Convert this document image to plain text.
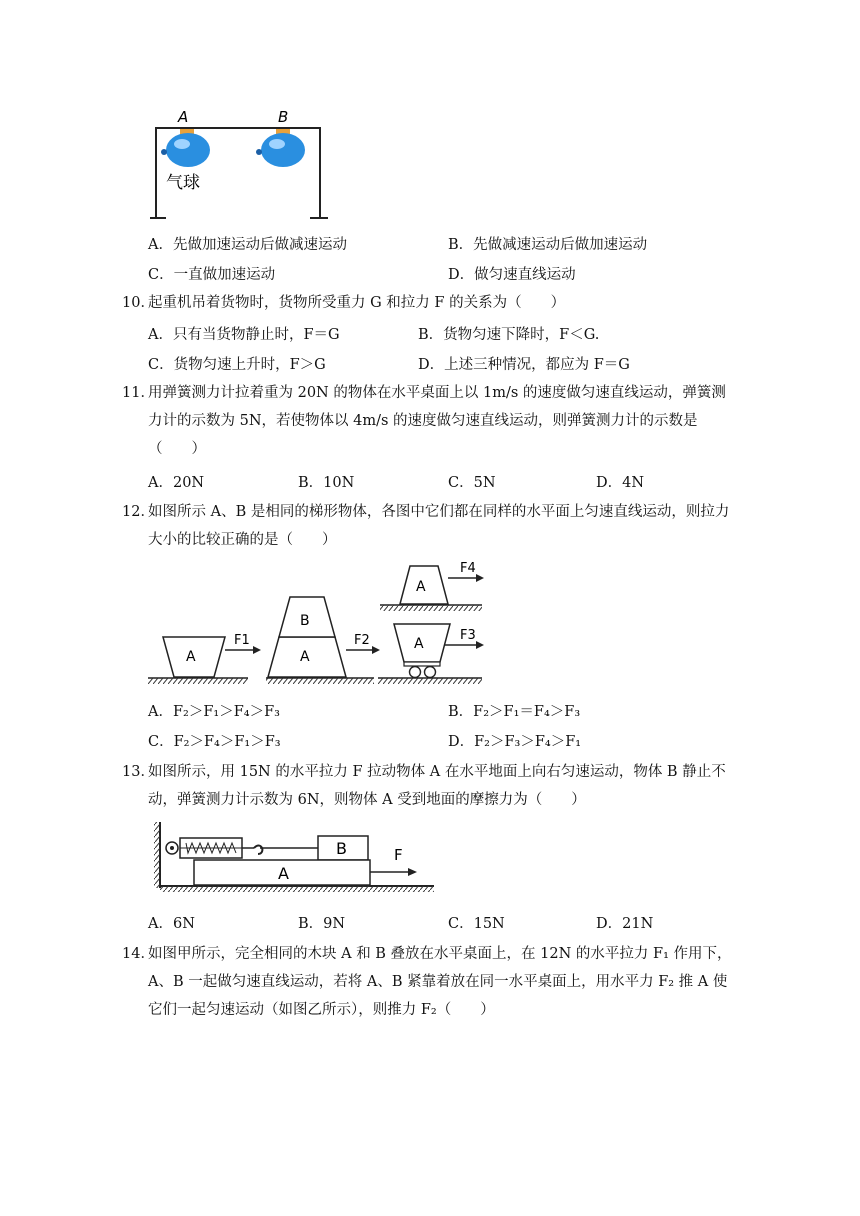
A	B
气球
A．先做加速运动后做减速运动	B．先做减速运动后做加速运动
C．一直做加速运动	D．做匀速直线运动
10．
起重机吊着货物时，货物所受重力 G 和拉力 F 的关系为（　　）
A．只有当货物静止时，F＝G	B．货物匀速下降时，F＜G.
C．货物匀速上升时，F＞G	D．上述三种情况，都应为 F＝G
11．
用弹簧测力计拉着重为 20N 的物体在水平桌面上以 1m/s 的速度做匀速直线运动，弹簧测力计的示数为 5N，若使物体以 4m/s 的速度做匀速直线运动，则弹簧测力计的示数是（　　）
A．20N	B．10N	C．5N	D．4N
12．
如图所示 A、B 是相同的梯形物体，各图中它们都在同样的水平面上匀速直线运动，则拉力大小的比较正确的是（　　）
A
F1
B
A
F2
A
F4
A
F3
A．F₂＞F₁＞F₄＞F₃	B．F₂＞F₁＝F₄＞F₃
C．F₂＞F₄＞F₁＞F₃	D．F₂＞F₃＞F₄＞F₁
13．
如图所示，用 15N 的水平拉力 F 拉动物体 A 在水平地面上向右匀速运动，物体 B 静止不动，弹簧测力计示数为 6N，则物体 A 受到地面的摩擦力为（　　）
B
A
F
A．6N	B．9N	C．15N	D．21N
14．
如图甲所示，完全相同的木块 A 和 B 叠放在水平桌面上，在 12N 的水平拉力 F₁ 作用下，A、B 一起做匀速直线运动，若将 A、B 紧靠着放在同一水平桌面上，用水平力 F₂ 推 A 使它们一起匀速运动（如图乙所示），则推力 F₂（　　）
